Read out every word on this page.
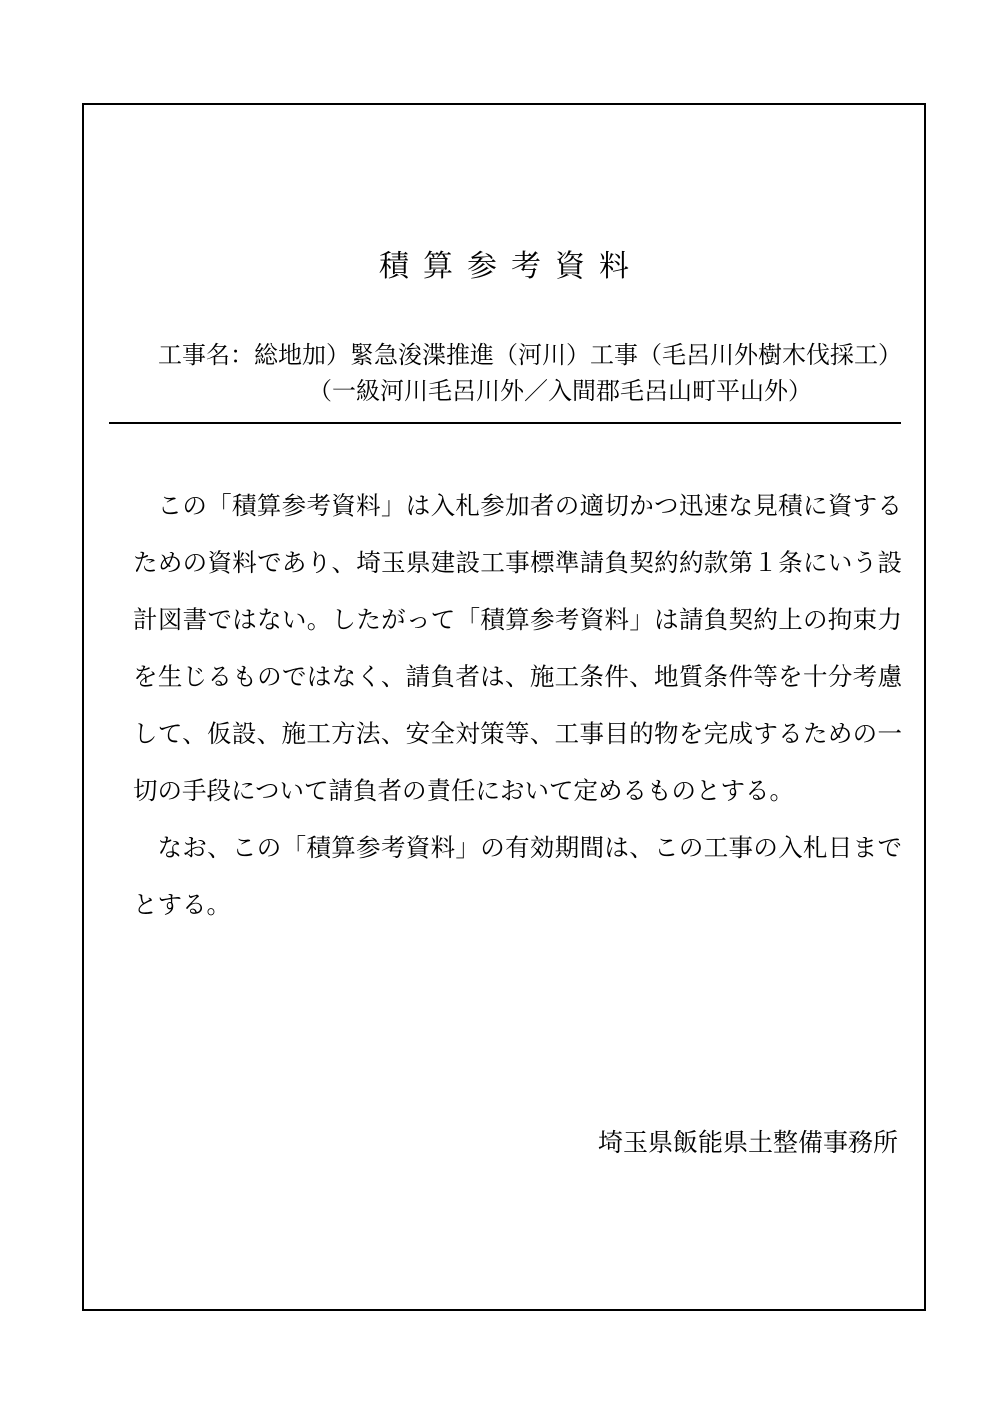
積算参考資料
工事名：総地加）緊急浚渫推進（河川）工事（毛呂川外樹木伐採工）
（一級河川毛呂川外／入間郡毛呂山町平山外）

この「積算参考資料」は入札参加者の適切かつ迅速な見積に資するための資料であり、埼玉県建設工事標準請負契約約款第１条にいう設計図書ではない。したがって「積算参考資料」は請負契約上の拘束力を生じるものではなく、請負者は、施工条件、地質条件等を十分考慮して、仮設、施工方法、安全対策等、工事目的物を完成するための一切の手段について請負者の責任において定めるものとする。

なお、この「積算参考資料」の有効期間は、この工事の入札日までとする。

埼玉県飯能県土整備事務所
